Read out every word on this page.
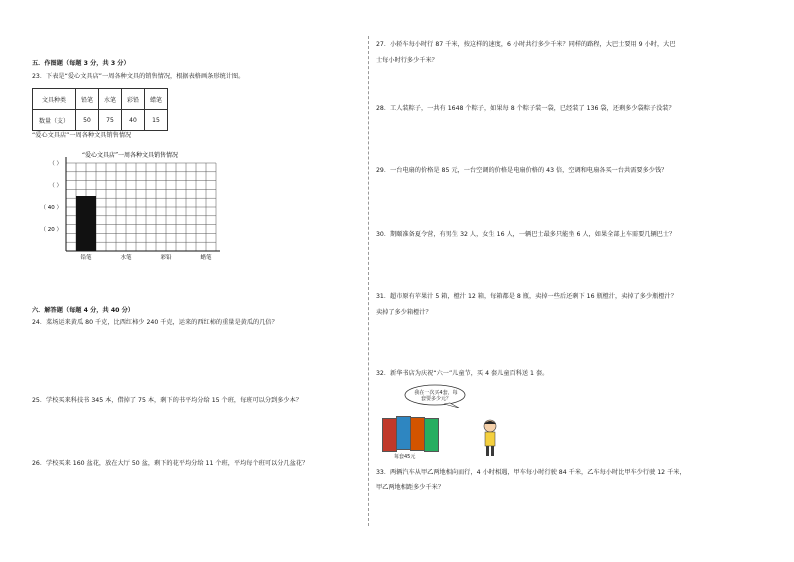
五．作图题（每题 3 分，共 3 分）
23．下表是“爱心文具店”一周各种文具的销售情况，根据表格画条形统计图。
文具种类	铅笔	水笔	彩铅	蜡笔
数量（支）	50	75	40	15
“爱心文具店”一周各种文具销售情况
“爱心文具店”一周各种文具销售情况
（ ）
（ ）
（ 40 ）
（ 20 ）
铅笔	水笔	彩铅	蜡笔
六．解答题（每题 4 分，共 40 分）
24．菜场运来黄瓜 80 千克，比西红柿少 240 千克，运来的西红柿的重量是黄瓜的几倍？
25．学校买来科技书 345 本，借掉了 75 本，剩下的书平均分给 15 个班，每班可以分到多少本？
26．学校买来 160 盆花，放在大厅 50 盆，剩下的花平均分给 11 个班，平均每个班可以分几盆花？
27．小轿车每小时行 87 千米，按这样的速度，6 小时共行多少千米？同样的路程，大巴士要用 9 小时，大巴
士每小时行多少千米？
28．工人装粽子，一共有 1648 个粽子，如果每 8 个粽子装一袋，已经装了 136 袋，还剩多少袋粽子没装？
29．一台电扇的价格是 85 元，一台空调的价格是电扇价格的 43 倍，空调和电扇各买一台共需要多少钱？
30．期颐准备夏令营，有男生 32 人，女生 16 人，一辆巴士最多只能坐 6 人，如果全部上车需要几辆巴士？
31．超市原有苹果汁 5 箱，橙汁 12 箱，每箱都是 8 瓶，卖掉一些后还剩下 16 瓶橙汁，卖掉了多少瓶橙汁？
卖掉了多少箱橙汁？
32．新华书店为庆祝“六一”儿童节，买 4 套儿童百科送 1 套。
我在一次买4套，每套要多少元？
每套45元
33．两辆汽车从甲乙两地相向而行，4 小时相遇，甲车每小时行驶 84 千米，乙车每小时比甲车少行驶 12 千米，
甲乙两地相距多少千米？
